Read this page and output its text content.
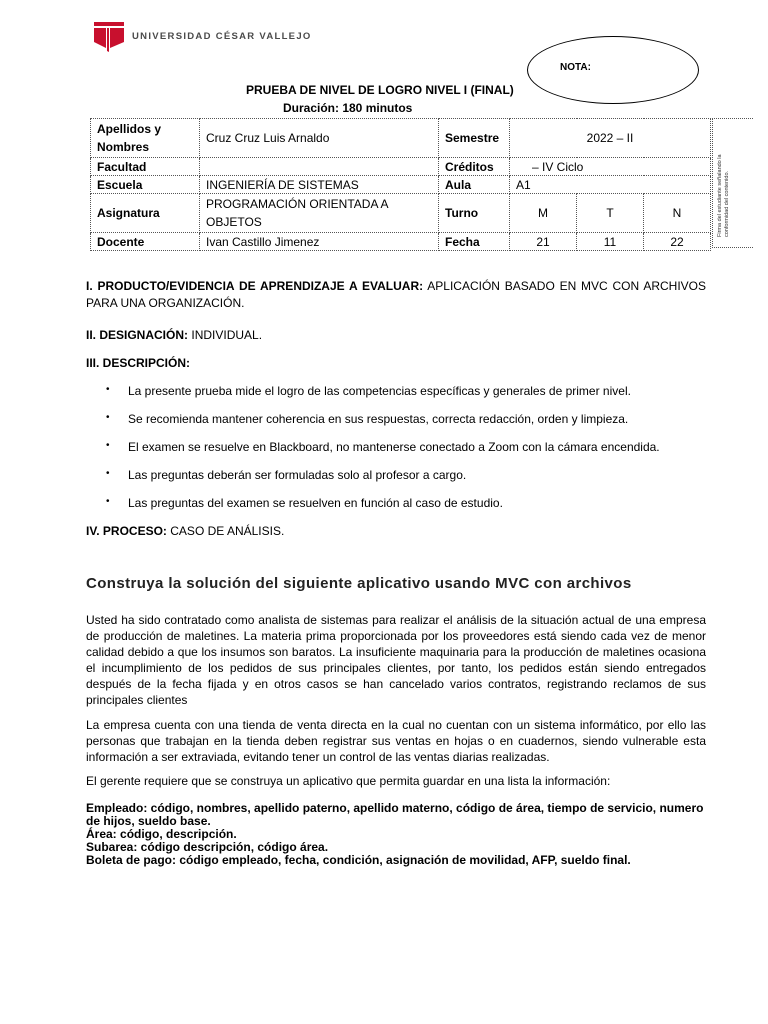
UNIVERSIDAD CÉSAR VALLEJO
NOTA:
PRUEBA DE NIVEL DE LOGRO NIVEL I (FINAL)
Duración: 180 minutos
Apellidos y Nombres	Cruz Cruz Luis Arnaldo	Semestre	2022 – II		
Facultad		Créditos	– IV Ciclo		
Escuela	INGENIERÍA DE SISTEMAS	Aula	A1		
Asignatura	PROGRAMACIÓN ORIENTADA A OBJETOS	Turno	M	T	N
Docente	Ivan Castillo Jimenez	Fecha	21	11	22
Firma del estudiante señalando la conformidad del contenido.
I. PRODUCTO/EVIDENCIA DE APRENDIZAJE A EVALUAR: APLICACIÓN BASADO EN MVC CON ARCHIVOS PARA UNA ORGANIZACIÓN.
II. DESIGNACIÓN: INDIVIDUAL.
III. DESCRIPCIÓN:
• La presente prueba mide el logro de las competencias específicas y generales de primer nivel.
• Se recomienda mantener coherencia en sus respuestas, correcta redacción, orden y limpieza.
• El examen se resuelve en Blackboard, no mantenerse conectado a Zoom con la cámara encendida.
• Las preguntas deberán ser formuladas solo al profesor a cargo.
• Las preguntas del examen se resuelven en función al caso de estudio.
IV. PROCESO: CASO DE ANÁLISIS.
Construya la solución del siguiente aplicativo usando MVC con archivos
Usted ha sido contratado como analista de sistemas para realizar el análisis de la situación actual de una empresa de producción de maletines. La materia prima proporcionada por los proveedores está siendo cada vez de menor calidad debido a que los insumos son baratos. La insuficiente maquinaria para la producción de maletines ocasiona el incumplimiento de los pedidos de sus principales clientes, por tanto, los pedidos están siendo entregados después de la fecha fijada y en otros casos se han cancelado varios contratos, registrando reclamos de sus principales clientes
La empresa cuenta con una tienda de venta directa en la cual no cuentan con un sistema informático, por ello las personas que trabajan en la tienda deben registrar sus ventas en hojas o en cuadernos, siendo vulnerable esta información a ser extraviada, evitando tener un control de las ventas diarias realizadas.
El gerente requiere que se construya un aplicativo que permita guardar en una lista la información:
Empleado: código, nombres, apellido paterno, apellido materno, código de área, tiempo de servicio, numero de hijos, sueldo base.
Área: código, descripción.
Subarea: código descripción, código área.
Boleta de pago: código empleado, fecha, condición, asignación de movilidad, AFP, sueldo final.
